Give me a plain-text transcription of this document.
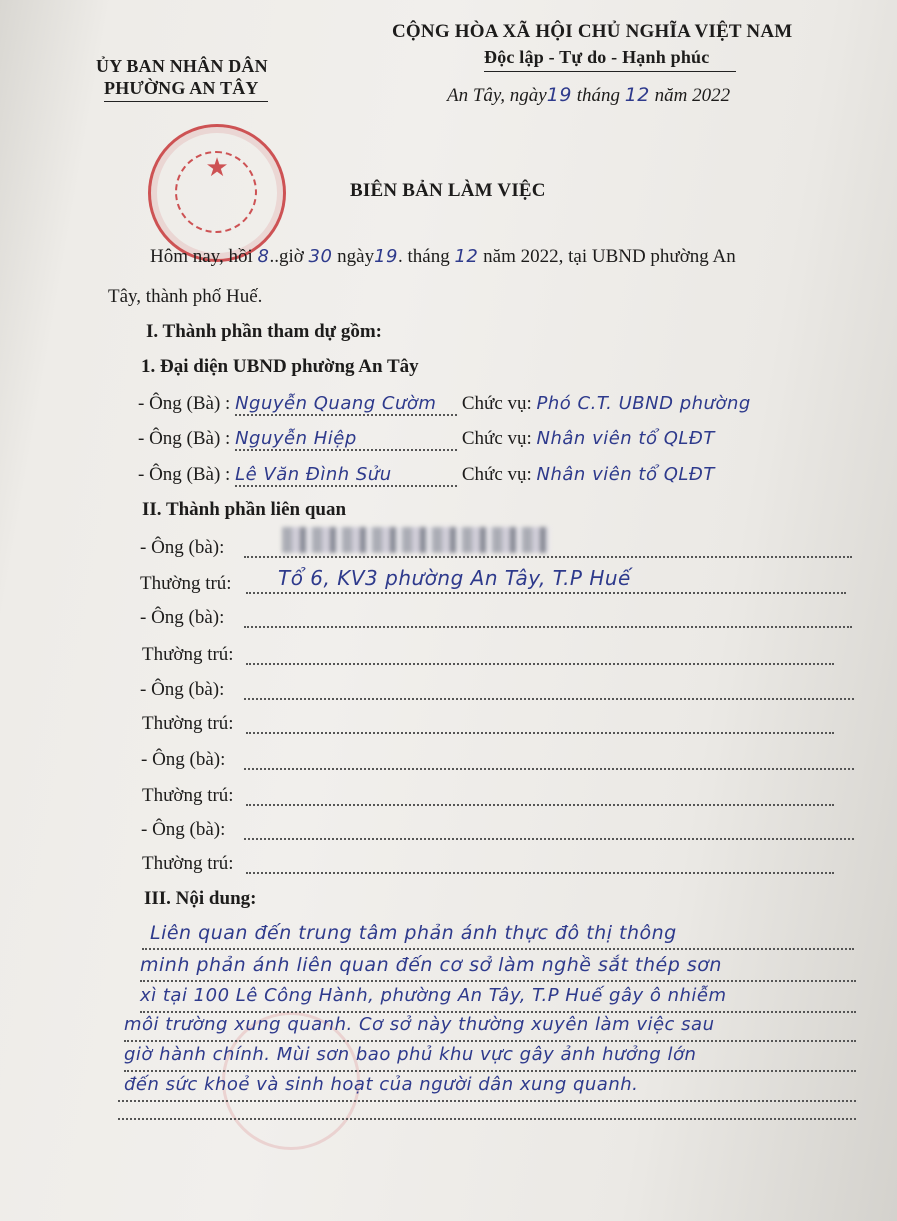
ỦY BAN NHÂN DÂN
PHƯỜNG AN TÂY
CỘNG HÒA XÃ HỘI CHỦ NGHĨA VIỆT NAM
Độc lập - Tự do - Hạnh phúc
An Tây, ngày19 tháng 12 năm 2022
★
BIÊN BẢN LÀM VIỆC
Hôm nay, hồi 8..giờ 30 ngày19. tháng 12 năm 2022, tại UBND phường An
Tây, thành phố Huế.
I. Thành phần tham dự gồm:
1. Đại diện UBND phường An Tây
- Ông (Bà) : Nguyễn Quang Cườm Chức vụ: Phó C.T. UBND phường
- Ông (Bà) : Nguyễn Hiệp	Chức vụ: Nhân viên tổ QLĐT
- Ông (Bà) : Lê Văn Đình Sửu	Chức vụ: Nhân viên tổ QLĐT
II. Thành phần liên quan
- Ông (bà):
Thường trú: Tổ 6, KV3 phường An Tây, T.P Huế
- Ông (bà):
Thường trú:
- Ông (bà):
Thường trú:
- Ông (bà):
Thường trú:
- Ông (bà):
Thường trú:
III. Nội dung:
Liên quan đến trung tâm phản ánh thực đô thị thông
minh phản ánh liên quan đến cơ sở làm nghề sắt thép sơn
xì tại 100 Lê Công Hành, phường An Tây, T.P Huế gây ô nhiễm
môi trường xung quanh. Cơ sở này thường xuyên làm việc sau
giờ hành chính. Mùi sơn bao phủ khu vực gây ảnh hưởng lớn
đến sức khoẻ và sinh hoạt của người dân xung quanh.
